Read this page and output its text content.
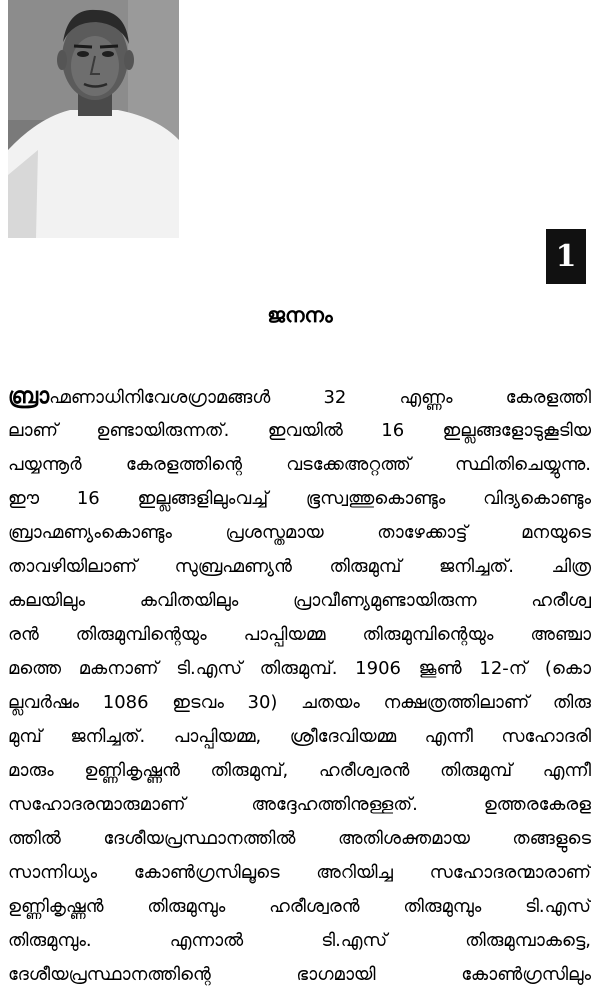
1
ജനനം
ബ്രാഹ്മണാധിനിവേശഗ്രാമങ്ങൾ 32 എണ്ണം കേരളത്തി
ലാണ് ഉണ്ടായിരുന്നത്. ഇവയിൽ 16 ഇല്ലങ്ങളോടുകൂടിയ
പയ്യന്നൂർ കേരളത്തിന്റെ വടക്കേഅറ്റത്ത് സ്ഥിതിചെയ്യുന്നു.
ഈ 16 ഇല്ലങ്ങളിലുംവച്ച് ഭൂസ്വത്തുകൊണ്ടും വിദ്യകൊണ്ടും
ബ്രാഹ്മണ്യംകൊണ്ടും പ്രശസ്തമായ താഴേക്കാട്ട് മനയുടെ
താവഴിയിലാണ് സുബ്രഹ്മണ്യൻ തിരുമുമ്പ് ജനിച്ചത്. ചിത്ര
കലയിലും കവിതയിലും പ്രാവീണ്യമുണ്ടായിരുന്ന ഹരീശ്വ
രൻ തിരുമുമ്പിന്റെയും പാപ്പിയമ്മ തിരുമുമ്പിന്റെയും അഞ്ചാ
മത്തെ മകനാണ് ടി.എസ് തിരുമുമ്പ്. 1906 ജൂൺ 12-ന് (കൊ
ല്ലവർഷം 1086 ഇടവം 30) ചതയം നക്ഷത്രത്തിലാണ് തിരു
മുമ്പ് ജനിച്ചത്. പാപ്പിയമ്മ, ശ്രീദേവിയമ്മ എന്നീ സഹോദരി
മാരും ഉണ്ണികൃഷ്ണൻ തിരുമുമ്പ്, ഹരീശ്വരൻ തിരുമുമ്പ് എന്നീ
സഹോദരന്മാരുമാണ് അദ്ദേഹത്തിനുള്ളത്. ഉത്തരകേരള
ത്തിൽ ദേശീയപ്രസ്ഥാനത്തിൽ അതിശക്തമായ തങ്ങളുടെ
സാന്നിധ്യം കോൺഗ്രസിലൂടെ അറിയിച്ച സഹോദരന്മാരാണ്
ഉണ്ണികൃഷ്ണൻ തിരുമുമ്പും ഹരീശ്വരൻ തിരുമുമ്പും ടി.എസ്
തിരുമുമ്പും. എന്നാൽ ടി.എസ് തിരുമുമ്പാകട്ടെ,
ദേശീയപ്രസ്ഥാനത്തിന്റെ ഭാഗമായി കോൺഗ്രസിലും
